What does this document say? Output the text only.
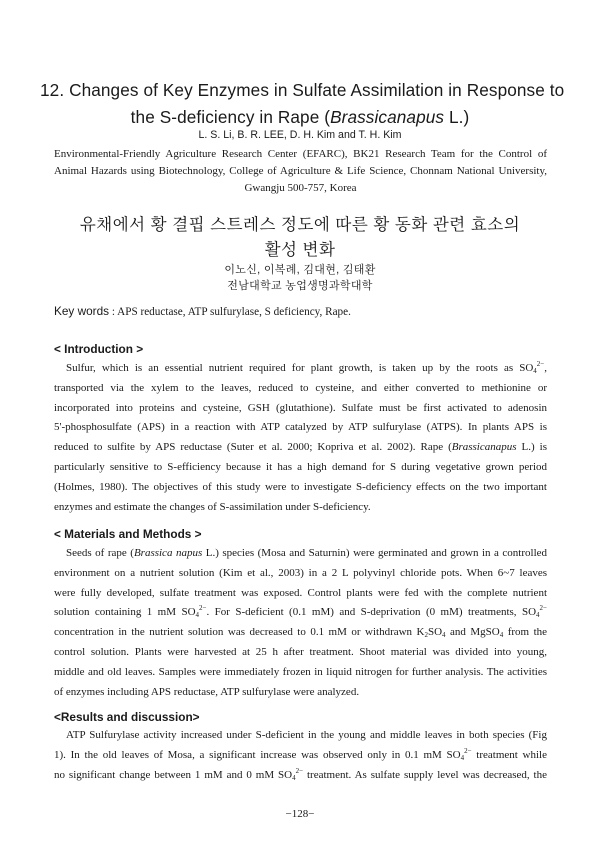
12. Changes of Key Enzymes in Sulfate Assimilation in Response to
the S-deficiency in Rape (Brassicanapus L.)
L. S. Li, B. R. LEE, D. H. Kim and T. H. Kim
Environmental-Friendly Agriculture Research Center (EFARC), BK21 Research Team for the Control of
Animal Hazards using Biotechnology, College of Agriculture & Life Science, Chonnam National University,
Gwangju 500-757, Korea
유채에서 황 결핍 스트레스 정도에 따른 황 동화 관련 효소의
활성 변화
이노신, 이복례, 김대현, 김태환
전남대학교 농업생명과학대학
Key words : APS reductase, ATP sulfurylase, S deficiency, Rape.
< Introduction >
Sulfur, which is an essential nutrient required for plant growth, is taken up by the roots as $SO_4^{2-}$,
transported via the xylem to the leaves, reduced to cysteine, and either converted to methionine or
incorporated into proteins and cysteine, GSH (glutathione). Sulfate must be first activated to adenosin
5'-phosphosulfate (APS) in a reaction with ATP catalyzed by ATP sulfurylase (ATPS). In plants APS is
reduced to sulfite by APS reductase (Suter et al. 2000; Kopriva et al. 2002). Rape (Brassicanapus L.) is
particularly sensitive to S-efficiency because it has a high demand for S during vegetative grown period
(Holmes, 1980). The objectives of this study were to investigate S-deficiency effects on the two important
enzymes and estimate the changes of S-assimilation under S-deficiency.
< Materials and Methods >
Seeds of rape (Brassica napus L.) species (Mosa and Saturnin) were germinated and grown in a controlled
environment on a nutrient solution (Kim et al., 2003) in a 2 L polyvinyl chloride pots. When 6~7 leaves
were fully developed, sulfate treatment was exposed. Control plants were fed with the complete nutrient
solution containing 1 mM $SO_4^{2-}$. For S-deficient (0.1 mM) and S-deprivation (0 mM) treatments, $SO_4^{2-}$
concentration in the nutrient solution was decreased to 0.1 mM or withdrawn $K_2SO_4$ and MgSO$_4$ from the
control solution. Plants were harvested at 25 h after treatment. Shoot material was divided into young,
middle and old leaves. Samples were immediately frozen in liquid nitrogen for further analysis. The activities
of enzymes including APS reductase, ATP sulfurylase were analyzed.
<Results and discussion>
ATP Sulfurylase activity increased under S-deficient in the young and middle leaves in both species (Fig
1). In the old leaves of Mosa, a significant increase was observed only in 0.1 mM $SO_4^{2-}$ treatment while
no significant change between 1 mM and 0 mM $SO_4^{2-}$ treatment. As sulfate supply level was decreased, the
−128−
